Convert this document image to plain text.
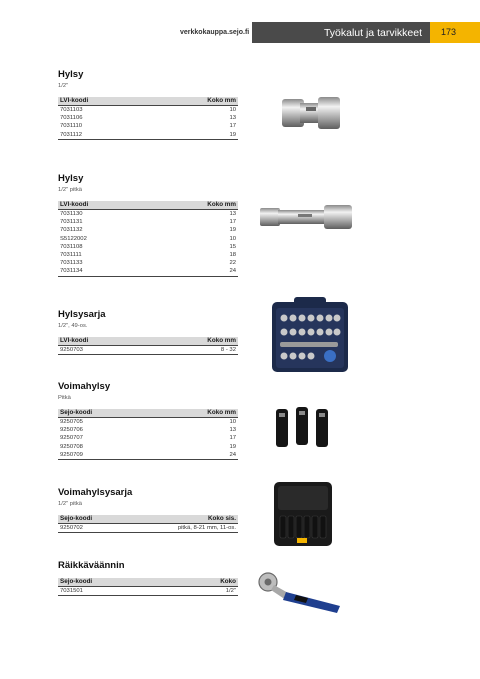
verkkokauppa.sejo.fi	Työkalut ja tarvikkeet 173
Hylsy
1/2"
LVI-koodi	Koko mm
7031103	10
7031106	13
7031110	17
7031112	19
Hylsy
1/2" pitkä
LVI-koodi	Koko mm
7031130	13
7031131	17
7031132	19
S5122002	10
7031108	15
7031111	18
7031133	22
7031134	24
Hylsysarja
1/2", 49-os.
LVI-koodi	Koko mm
9250703	8 - 32
Voimahylsy
Pitkä
Sejo-koodi	Koko mm
9250705	10
9250706	13
9250707	17
9250708	19
9250709	24
Voimahylsysarja
1/2" pitkä
Sejo-koodi	Koko sis.
9250702	pitkä, 8-21 mm, 11-os.
Räikkäväännin
Sejo-koodi	Koko
7031501	1/2"
